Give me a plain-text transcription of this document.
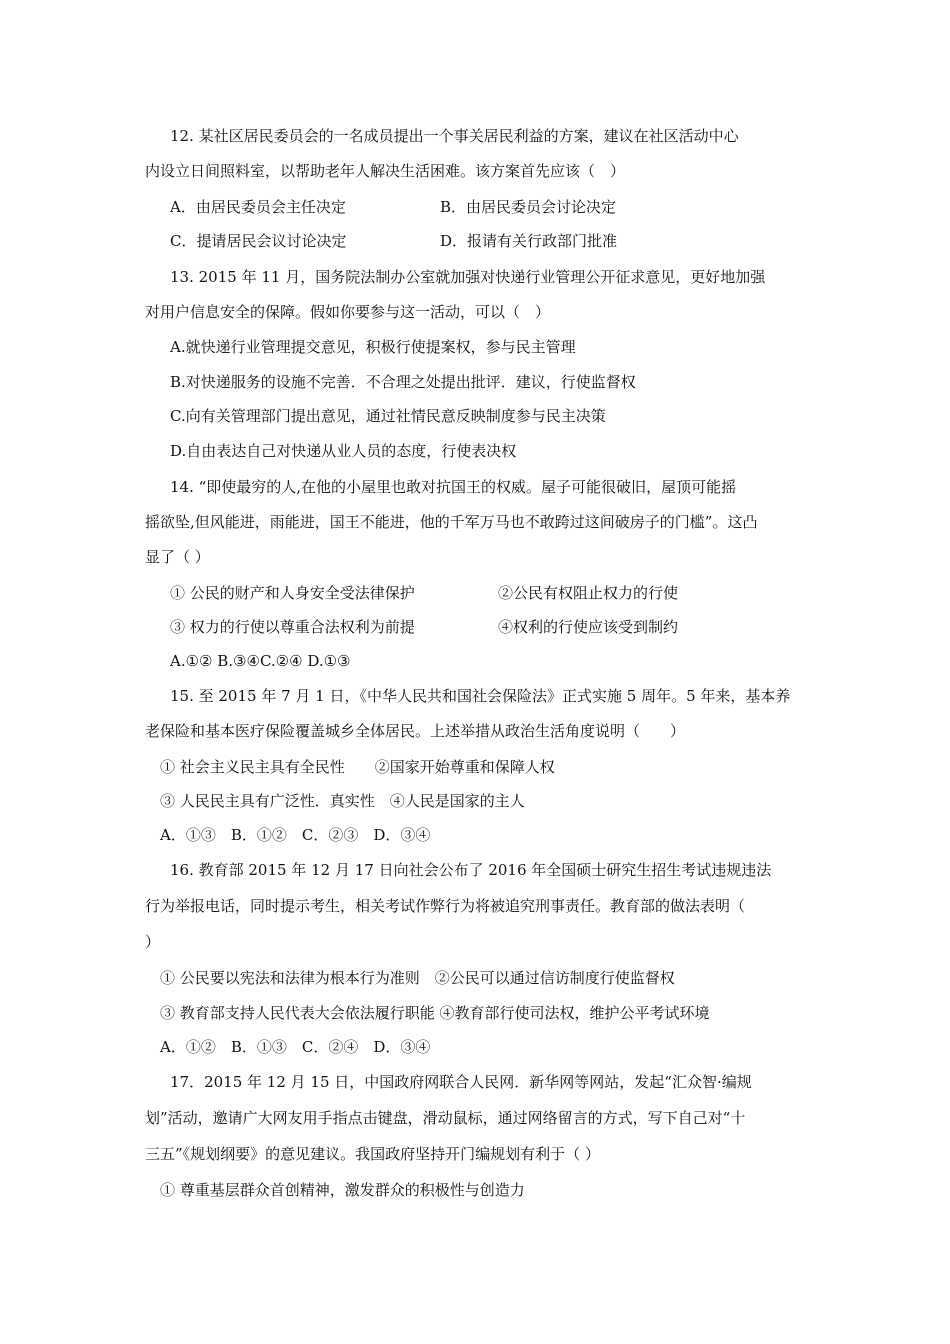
12. 某社区居民委员会的一名成员提出一个事关居民利益的方案，建议在社区活动中心

内设立日间照料室，以帮助老年人解决生活困难。该方案首先应该（　）

A．由居民委员会主任决定	B．由居民委员会讨论决定

C．提请居民会议讨论决定	D．报请有关行政部门批准

13. 2015 年 11 月，国务院法制办公室就加强对快递行业管理公开征求意见，更好地加强

对用户信息安全的保障。假如你要参与这一活动，可以（　）

A.就快递行业管理提交意见，积极行使提案权，参与民主管理

B.对快递服务的设施不完善．不合理之处提出批评．建议，行使监督权

C.向有关管理部门提出意见，通过社情民意反映制度参与民主决策

D.自由表达自己对快递从业人员的态度，行使表决权

14. “即使最穷的人,在他的小屋里也敢对抗国王的权威。屋子可能很破旧，屋顶可能摇

摇欲坠,但风能进，雨能进，国王不能进，他的千军万马也不敢跨过这间破房子的门槛”。这凸

显了（ ）

① 公民的财产和人身安全受法律保护	②公民有权阻止权力的行使

③ 权力的行使以尊重合法权利为前提	④权利的行使应该受到制约

A.①② B.③④C.②④ D.①③

15. 至 2015 年 7 月 1 日，《中华人民共和国社会保险法》正式实施 5 周年。5 年来，基本养

老保险和基本医疗保险覆盖城乡全体居民。上述举措从政治生活角度说明（　　）

① 社会主义民主具有全民性　　②国家开始尊重和保障人权

③ 人民民主具有广泛性．真实性　④人民是国家的主人

A．①③　B．①②　C．②③　D．③④

16. 教育部 2015 年 12 月 17 日向社会公布了 2016 年全国硕士研究生招生考试违规违法

行为举报电话，同时提示考生，相关考试作弊行为将被追究刑事责任。教育部的做法表明（

）

① 公民要以宪法和法律为根本行为准则　②公民可以通过信访制度行使监督权

③ 教育部支持人民代表大会依法履行职能 ④教育部行使司法权，维护公平考试环境

A．①②　B．①③　C．②④　D．③④

17．2015 年 12 月 15 日，中国政府网联合人民网．新华网等网站，发起“汇众智·编规

划”活动，邀请广大网友用手指点击键盘，滑动鼠标，通过网络留言的方式，写下自己对“十

三五”《规划纲要》的意见建议。我国政府坚持开门编规划有利于（ ）

① 尊重基层群众首创精神，激发群众的积极性与创造力
